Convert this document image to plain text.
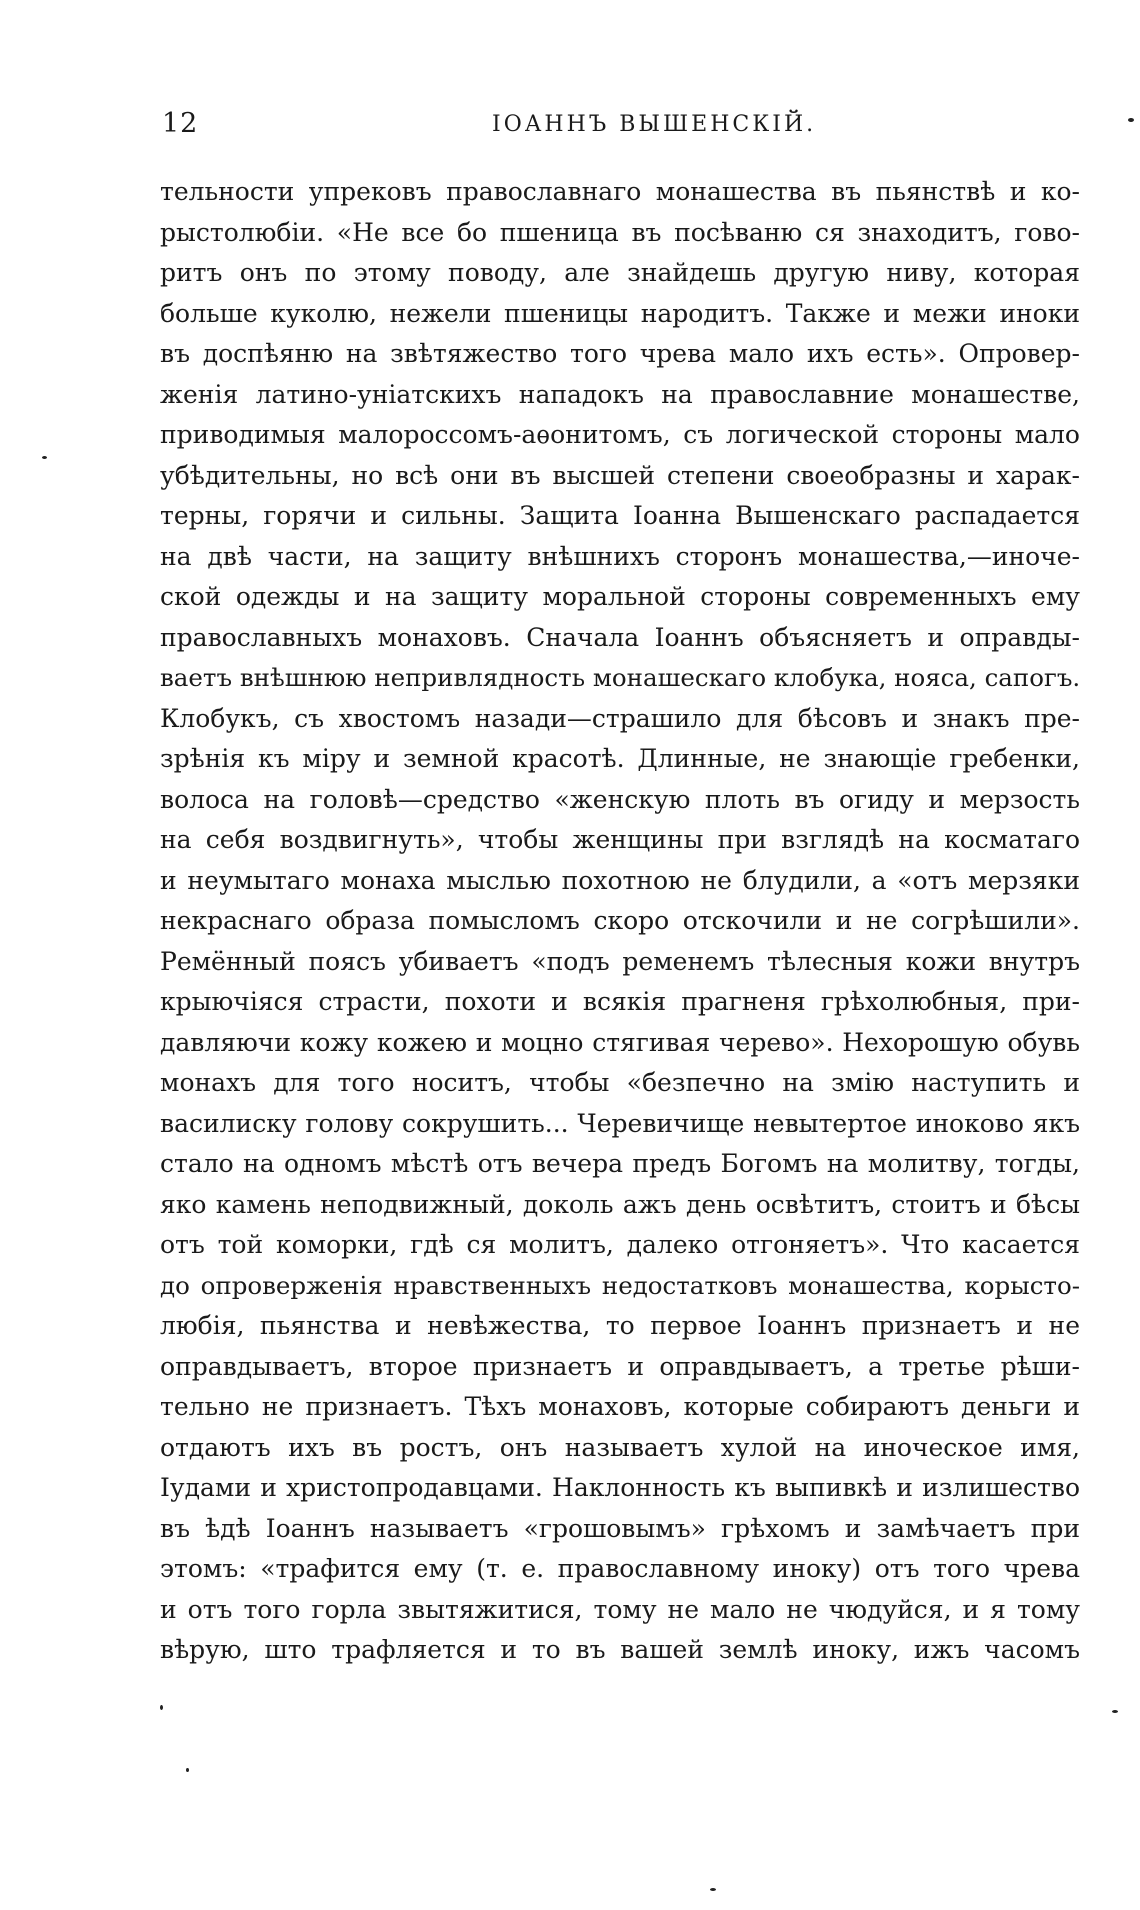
12	ІОАННЪ ВЫШЕНСКІЙ.
тельности упрековъ православнаго монашества въ пьянствѣ и ко-
рыстолюбіи. «Не все бо пшеница въ посѣваню ся знаходитъ, гово-
ритъ онъ по этому поводу, але знайдешь другую ниву, которая
больше куколю, нежели пшеницы народитъ. Также и межи иноки
въ доспѣяню на звѣтяжество того чрева мало ихъ есть». Опровер-
женія латино-уніатскихъ нападокъ на православние монашестве,
приводимыя малороссомъ-аѳонитомъ, съ логической стороны мало
убѣдительны, но всѣ они въ высшей степени своеобразны и харак-
терны, горячи и сильны. Защита Іоанна Вышенскаго распадается
на двѣ части, на защиту внѣшнихъ сторонъ монашества,—иноче-
ской одежды и на защиту моральной стороны современныхъ ему
православныхъ монаховъ. Сначала Іоаннъ объясняетъ и оправды-
ваетъ внѣшнюю непривлядность монашескаго клобука, нояса, сапогъ.
Клобукъ, съ хвостомъ назади—страшило для бѣсовъ и знакъ пре-
зрѣнія къ міру и земной красотѣ. Длинные, не знающіе гребенки,
волоса на головѣ—средство «женскую плоть въ огиду и мерзость
на себя воздвигнуть», чтобы женщины при взглядѣ на косматаго
и неумытаго монаха мыслью похотною не блудили, а «отъ мерзяки
некраснаго образа помысломъ скоро отскочили и не согрѣшили».
Ремённый поясъ убиваетъ «подъ ременемъ тѣлесныя кожи внутръ
крыючіяся страсти, похоти и всякія прагненя грѣхолюбныя, при-
давляючи кожу кожею и моцно стягивая черево». Нехорошую обувь
монахъ для того носитъ, чтобы «безпечно на змію наступить и
василиску голову сокрушить... Черевичище невытертое иноково якъ
стало на одномъ мѣстѣ отъ вечера предъ Богомъ на молитву, тогды,
яко камень неподвижный, доколь ажъ день освѣтитъ, стоитъ и бѣсы
отъ той коморки, гдѣ ся молитъ, далеко отгоняетъ». Что касается
до опроверженія нравственныхъ недостатковъ монашества, корысто-
любія, пьянства и невѣжества, то первое Іоаннъ признаетъ и не
оправдываетъ, второе признаетъ и оправдываетъ, а третье рѣши-
тельно не признаетъ. Тѣхъ монаховъ, которые собираютъ деньги и
отдаютъ ихъ въ ростъ, онъ называетъ хулой на иноческое имя,
Іудами и христопродавцами. Наклонность къ выпивкѣ и излишество
въ ѣдѣ Іоаннъ называетъ «грошовымъ» грѣхомъ и замѣчаетъ при
этомъ: «трафится ему (т. е. православному иноку) отъ того чрева
и отъ того горла звытяжитися, тому не мало не чюдуйся, и я тому
вѣрую, што трафляется и то въ вашей землѣ иноку, ижъ часомъ
